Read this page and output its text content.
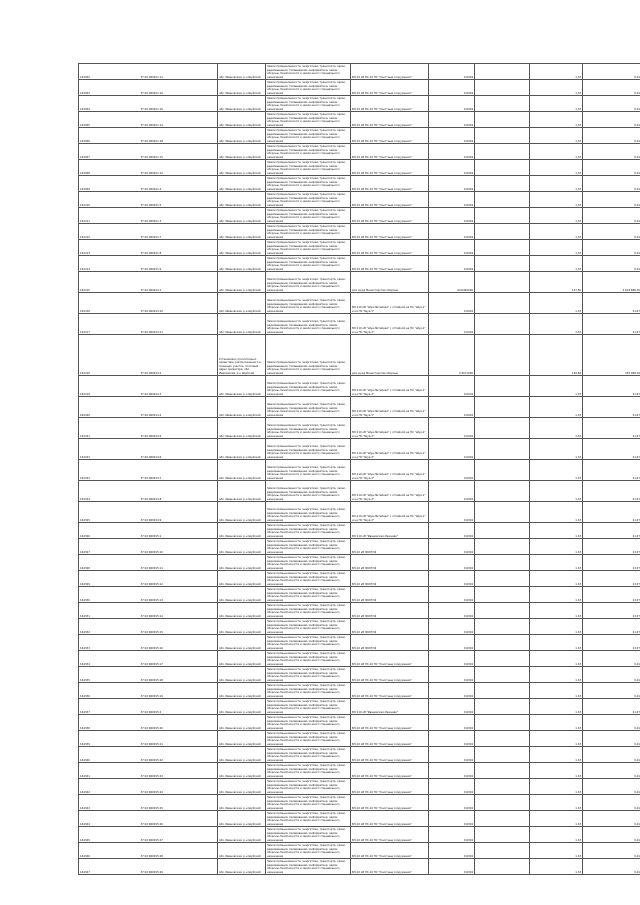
164302	37:20:060911:11	обл. Ивановская, р-н Шуйский	Земли промышленности, энергетики, транспорта, связи, радиовещания, телевидения, информатики, земли обороны, безопасности и земли иного специального назначения	ВЛ-10 кВ ПС-10 ПС "Очистные сооружения"	0,0004		1,33	0,01
164303	37:20:060911:10	обл. Ивановская, р-н Шуйский	Земли промышленности, энергетики, транспорта, связи, радиовещания, телевидения, информатики, земли обороны, безопасности и земли иного специального назначения	ВЛ-10 кВ ПС-10 ПС "Очистные сооружения"	0,0004		1,33	0,01
164304	37:20:060911:16	обл. Ивановская, р-н Шуйский	Земли промышленности, энергетики, транспорта, связи, радиовещания, телевидения, информатики, земли обороны, безопасности и земли иного специального назначения	ВЛ-10 кВ ПС-10 ПС "Очистные сооружения"	0,0004		1,33	0,01
164305	37:20:060911:14	обл. Ивановская, р-н Шуйский	Земли промышленности, энергетики, транспорта, связи, радиовещания, телевидения, информатики, земли обороны, безопасности и земли иного специального назначения	ВЛ-10 кВ ПС-10 ПС "Очистные сооружения"	0,0004		1,33	0,01
164306	37:20:060911:18	обл. Ивановская, р-н Шуйский	Земли промышленности, энергетики, транспорта, связи, радиовещания, телевидения, информатики, земли обороны, безопасности и земли иного специального назначения	ВЛ-10 кВ ПС-10 ПС "Очистные сооружения"	0,0004		1,33	0,01
164307	37:20:060911:15	обл. Ивановская, р-н Шуйский	Земли промышленности, энергетики, транспорта, связи, радиовещания, телевидения, информатики, земли обороны, безопасности и земли иного специального назначения	ВЛ-10 кВ ПС-10 ПС "Очистные сооружения"	0,0004		1,33	0,01
164308	37:20:060911:12	обл. Ивановская, р-н Шуйский	Земли промышленности, энергетики, транспорта, связи, радиовещания, телевидения, информатики, земли обороны, безопасности и земли иного специального назначения	ВЛ-10 кВ ПС-10 ПС "Очистные сооружения"	0,0004		1,33	0,01
164309	37:20:060911:4	обл. Ивановская, р-н Шуйский	Земли промышленности, энергетики, транспорта, связи, радиовещания, телевидения, информатики, земли обороны, безопасности и земли иного специального назначения	ВЛ-10 кВ ПС-10 ПС "Очистные сооружения"	0,0004		1,33	0,01
164310	37:20:060911:5	обл. Ивановская, р-н Шуйский	Земли промышленности, энергетики, транспорта, связи, радиовещания, телевидения, информатики, земли обороны, безопасности и земли иного специального назначения	ВЛ-10 кВ ПС-10 ПС "Очистные сооружения"	0,0004		1,33	0,01
164311	37:20:060911:3	обл. Ивановская, р-н Шуйский	Земли промышленности, энергетики, транспорта, связи, радиовещания, телевидения, информатики, земли обороны, безопасности и земли иного специального назначения	ВЛ-10 кВ ПС-10 ПС "Очистные сооружения"	0,0004		1,33	0,01
164312	37:20:060911:7	обл. Ивановская, р-н Шуйский	Земли промышленности, энергетики, транспорта, связи, радиовещания, телевидения, информатики, земли обороны, безопасности и земли иного специального назначения	ВЛ-10 кВ ПС-10 ПС "Очистные сооружения"	0,0004		1,33	0,01
164313	37:20:060911:8	обл. Ивановская, р-н Шуйский	Земли промышленности, энергетики, транспорта, связи, радиовещания, телевидения, информатики, земли обороны, безопасности и земли иного специального назначения	ВЛ-10 кВ ПС-10 ПС "Очистные сооружения"	0,0004		1,33	0,01
164314	37:20:060911:9	обл. Ивановская, р-н Шуйский	Земли промышленности, энергетики, транспорта, связи, радиовещания, телевидения, информатики, земли обороны, безопасности и земли иного специального назначения	ВЛ-10 кВ ПС-10 ПС "Очистные сооружения"	0,0004		1,33	0,01
164315	37:20:060914:1	обл. Ивановская, р-н Шуйский	Земли промышленности, энергетики, транспорта, связи, радиовещания, телевидения, информатики, земли обороны, безопасности и земли иного специального назначения	для нужд Министерства обороны	64,6440000		137,56	4 624 886,70
164316	37:20:060914:10	обл. Ивановская, р-н Шуйский	Земли промышленности, энергетики, транспорта, связи, радиовещания, телевидения, информатики, земли обороны, безопасности и земли иного специального назначения	ВЛ-110 кВ "Шуя-Литейная" с отпайкой на ПС "Шуя-1" и на ПС "Шуя-3"	0,0004		1,33	21,67
164317	37:20:060914:11	обл. Ивановская, р-н Шуйский	Земли промышленности, энергетики, транспорта, связи, радиовещания, телевидения, информатики, земли обороны, безопасности и земли иного специального назначения	ВЛ-110 кВ "Шуя-Литейная" с отпайкой на ПС "Шуя-1" и на ПС "Шуя-3"	0,0004		1,33	21,67
164318	37:20:060914:2	Установлено относительно ориентира, расположенного в границах участка, почтовый адрес ориентира: обл. Ивановская, р-н Шуйский	Земли промышленности, энергетики, транспорта, связи, радиовещания, телевидения, информатики, земли обороны, безопасности и земли иного специального назначения	для нужд Министерства обороны	2,5671000		138,68	355 998,04
164319	37:20:060914:3	обл. Ивановская, р-н Шуйский	Земли промышленности, энергетики, транспорта, связи, радиовещания, телевидения, информатики, земли обороны, безопасности и земли иного специального назначения	ВЛ-110 кВ "Шуя-Литейная" с отпайкой на ПС "Шуя-1" и на ПС "Шуя-3"	0,0004		1,33	21,67
164320	37:20:060914:4	обл. Ивановская, р-н Шуйский	Земли промышленности, энергетики, транспорта, связи, радиовещания, телевидения, информатики, земли обороны, безопасности и земли иного специального назначения	ВЛ-110 кВ "Шуя-Литейная" с отпайкой на ПС "Шуя-1" и на ПС "Шуя-3"	0,0004		1,33	21,67
164321	37:20:060914:5	обл. Ивановская, р-н Шуйский	Земли промышленности, энергетики, транспорта, связи, радиовещания, телевидения, информатики, земли обороны, безопасности и земли иного специального назначения	ВЛ-110 кВ "Шуя-Литейная" с отпайкой на ПС "Шуя-1" и на ПС "Шуя-3"	0,0004		1,33	21,67
164322	37:20:060914:6	обл. Ивановская, р-н Шуйский	Земли промышленности, энергетики, транспорта, связи, радиовещания, телевидения, информатики, земли обороны, безопасности и земли иного специального назначения	ВЛ-110 кВ "Шуя-Литейная" с отпайкой на ПС "Шуя-1" и на ПС "Шуя-3"	0,0004		1,33	21,67
164323	37:20:060914:7	обл. Ивановская, р-н Шуйский	Земли промышленности, энергетики, транспорта, связи, радиовещания, телевидения, информатики, земли обороны, безопасности и земли иного специального назначения	ВЛ-110 кВ "Шуя-Литейная" с отпайкой на ПС "Шуя-1" и на ПС "Шуя-3"	0,0004		1,33	21,67
164324	37:20:060914:8	обл. Ивановская, р-н Шуйский	Земли промышленности, энергетики, транспорта, связи, радиовещания, телевидения, информатики, земли обороны, безопасности и земли иного специального назначения	ВЛ-110 кВ "Шуя-Литейная" с отпайкой на ПС "Шуя-1" и на ПС "Шуя-3"	0,0004		1,33	21,67
164325	37:20:060914:9	обл. Ивановская, р-н Шуйский	Земли промышленности, энергетики, транспорта, связи, радиовещания, телевидения, информатики, земли обороны, безопасности и земли иного специального назначения	ВЛ-110 кВ "Шуя-Литейная" с отпайкой на ПС "Шуя-1" и на ПС "Шуя-3"	0,0004		1,33	21,67
164326	37:20:060915:1	обл. Ивановская, р-н Шуйский	Земли промышленности, энергетики, транспорта, связи, радиовещания, телевидения, информатики, земли обороны, безопасности и земли иного специального назначения	ВЛ-110 кВ "Ивановская-Лежнево"	0,0004		1,33	21,67
164327	37:20:060915:10	обл. Ивановская, р-н Шуйский	Земли промышленности, энергетики, транспорта, связи, радиовещания, телевидения, информатики, земли обороны, безопасности и земли иного специального назначения	ВЛ-10 кВ Ф607/34	0,0004		1,33	13,57
164328	37:20:060915:11	обл. Ивановская, р-н Шуйский	Земли промышленности, энергетики, транспорта, связи, радиовещания, телевидения, информатики, земли обороны, безопасности и земли иного специального назначения	ВЛ-10 кВ Ф607/34	0,0004		1,33	13,57
164329	37:20:060915:12	обл. Ивановская, р-н Шуйский	Земли промышленности, энергетики, транспорта, связи, радиовещания, телевидения, информатики, земли обороны, безопасности и земли иного специального назначения	ВЛ-10 кВ Ф607/34	0,0004		1,33	13,57
164330	37:20:060915:13	обл. Ивановская, р-н Шуйский	Земли промышленности, энергетики, транспорта, связи, радиовещания, телевидения, информатики, земли обороны, безопасности и земли иного специального назначения	ВЛ-10 кВ Ф607/34	0,0004		1,33	13,57
164331	37:20:060915:14	обл. Ивановская, р-н Шуйский	Земли промышленности, энергетики, транспорта, связи, радиовещания, телевидения, информатики, земли обороны, безопасности и земли иного специального назначения	ВЛ-10 кВ Ф607/34	0,0004		1,33	13,57
164332	37:20:060915:15	обл. Ивановская, р-н Шуйский	Земли промышленности, энергетики, транспорта, связи, радиовещания, телевидения, информатики, земли обороны, безопасности и земли иного специального назначения	ВЛ-10 кВ Ф607/34	0,0004		1,33	21,67
164333	37:20:060915:16	обл. Ивановская, р-н Шуйский	Земли промышленности, энергетики, транспорта, связи, радиовещания, телевидения, информатики, земли обороны, безопасности и земли иного специального назначения	ВЛ-10 кВ Ф607/34	0,0004		1,33	13,57
164334	37:20:060915:17	обл. Ивановская, р-н Шуйский	Земли промышленности, энергетики, транспорта, связи, радиовещания, телевидения, информатики, земли обороны, безопасности и земли иного специального назначения	ВЛ-10 кВ ПС-10 ПС "Очистные сооружения"	0,0004		1,33	0,01
164335	37:20:060915:18	обл. Ивановская, р-н Шуйский	Земли промышленности, энергетики, транспорта, связи, радиовещания, телевидения, информатики, земли обороны, безопасности и земли иного специального назначения	ВЛ-10 кВ ПС-10 ПС "Очистные сооружения"	0,0004		1,33	0,01
164336	37:20:060915:19	обл. Ивановская, р-н Шуйский	Земли промышленности, энергетики, транспорта, связи, радиовещания, телевидения, информатики, земли обороны, безопасности и земли иного специального назначения	ВЛ-10 кВ ПС-10 ПС "Очистные сооружения"	0,0004		1,33	0,01
164337	37:20:060915:2	обл. Ивановская, р-н Шуйский	Земли промышленности, энергетики, транспорта, связи, радиовещания, телевидения, информатики, земли обороны, безопасности и земли иного специального назначения	ВЛ-110 кВ "Ивановская-Лежнево"	0,0004		1,33	21,67
164338	37:20:060915:20	обл. Ивановская, р-н Шуйский	Земли промышленности, энергетики, транспорта, связи, радиовещания, телевидения, информатики, земли обороны, безопасности и земли иного специального назначения	ВЛ-10 кВ ПС-10 ПС "Очистные сооружения"	0,0004		1,33	0,01
164339	37:20:060915:21	обл. Ивановская, р-н Шуйский	Земли промышленности, энергетики, транспорта, связи, радиовещания, телевидения, информатики, земли обороны, безопасности и земли иного специального назначения	ВЛ-10 кВ ПС-10 ПС "Очистные сооружения"	0,0004		1,33	0,01
164340	37:20:060915:22	обл. Ивановская, р-н Шуйский	Земли промышленности, энергетики, транспорта, связи, радиовещания, телевидения, информатики, земли обороны, безопасности и земли иного специального назначения	ВЛ-10 кВ ПС-10 ПС "Очистные сооружения"	0,0004		1,33	0,01
164341	37:20:060915:23	обл. Ивановская, р-н Шуйский	Земли промышленности, энергетики, транспорта, связи, радиовещания, телевидения, информатики, земли обороны, безопасности и земли иного специального назначения	ВЛ-10 кВ ПС-10 ПС "Очистные сооружения"	0,0004		1,33	0,01
164342	37:20:060915:24	обл. Ивановская, р-н Шуйский	Земли промышленности, энергетики, транспорта, связи, радиовещания, телевидения, информатики, земли обороны, безопасности и земли иного специального назначения	ВЛ-10 кВ ПС-10 ПС "Очистные сооружения"	0,0004		1,33	0,01
164343	37:20:060915:25	обл. Ивановская, р-н Шуйский	Земли промышленности, энергетики, транспорта, связи, радиовещания, телевидения, информатики, земли обороны, безопасности и земли иного специального назначения	ВЛ-10 кВ ПС-10 ПС "Очистные сооружения"	0,0004		1,33	0,01
164344	37:20:060915:26	обл. Ивановская, р-н Шуйский	Земли промышленности, энергетики, транспорта, связи, радиовещания, телевидения, информатики, земли обороны, безопасности и земли иного специального назначения	ВЛ-10 кВ ПС-10 ПС "Очистные сооружения"	0,0004		1,33	0,01
164345	37:20:060915:27	обл. Ивановская, р-н Шуйский	Земли промышленности, энергетики, транспорта, связи, радиовещания, телевидения, информатики, земли обороны, безопасности и земли иного специального назначения	ВЛ-10 кВ ПС-10 ПС "Очистные сооружения"	0,0004		1,33	0,01
164346	37:20:060915:28	обл. Ивановская, р-н Шуйский	Земли промышленности, энергетики, транспорта, связи, радиовещания, телевидения, информатики, земли обороны, безопасности и земли иного специального назначения	ВЛ-10 кВ ПС-10 ПС "Очистные сооружения"	0,0004		1,33	0,01
164347	37:20:060915:29	обл. Ивановская, р-н Шуйский	Земли промышленности, энергетики, транспорта, связи, радиовещания, телевидения, информатики, земли обороны, безопасности и земли иного специального назначения	ВЛ-10 кВ ПС-10 ПС "Очистные сооружения"	0,0004		1,33	0,01
